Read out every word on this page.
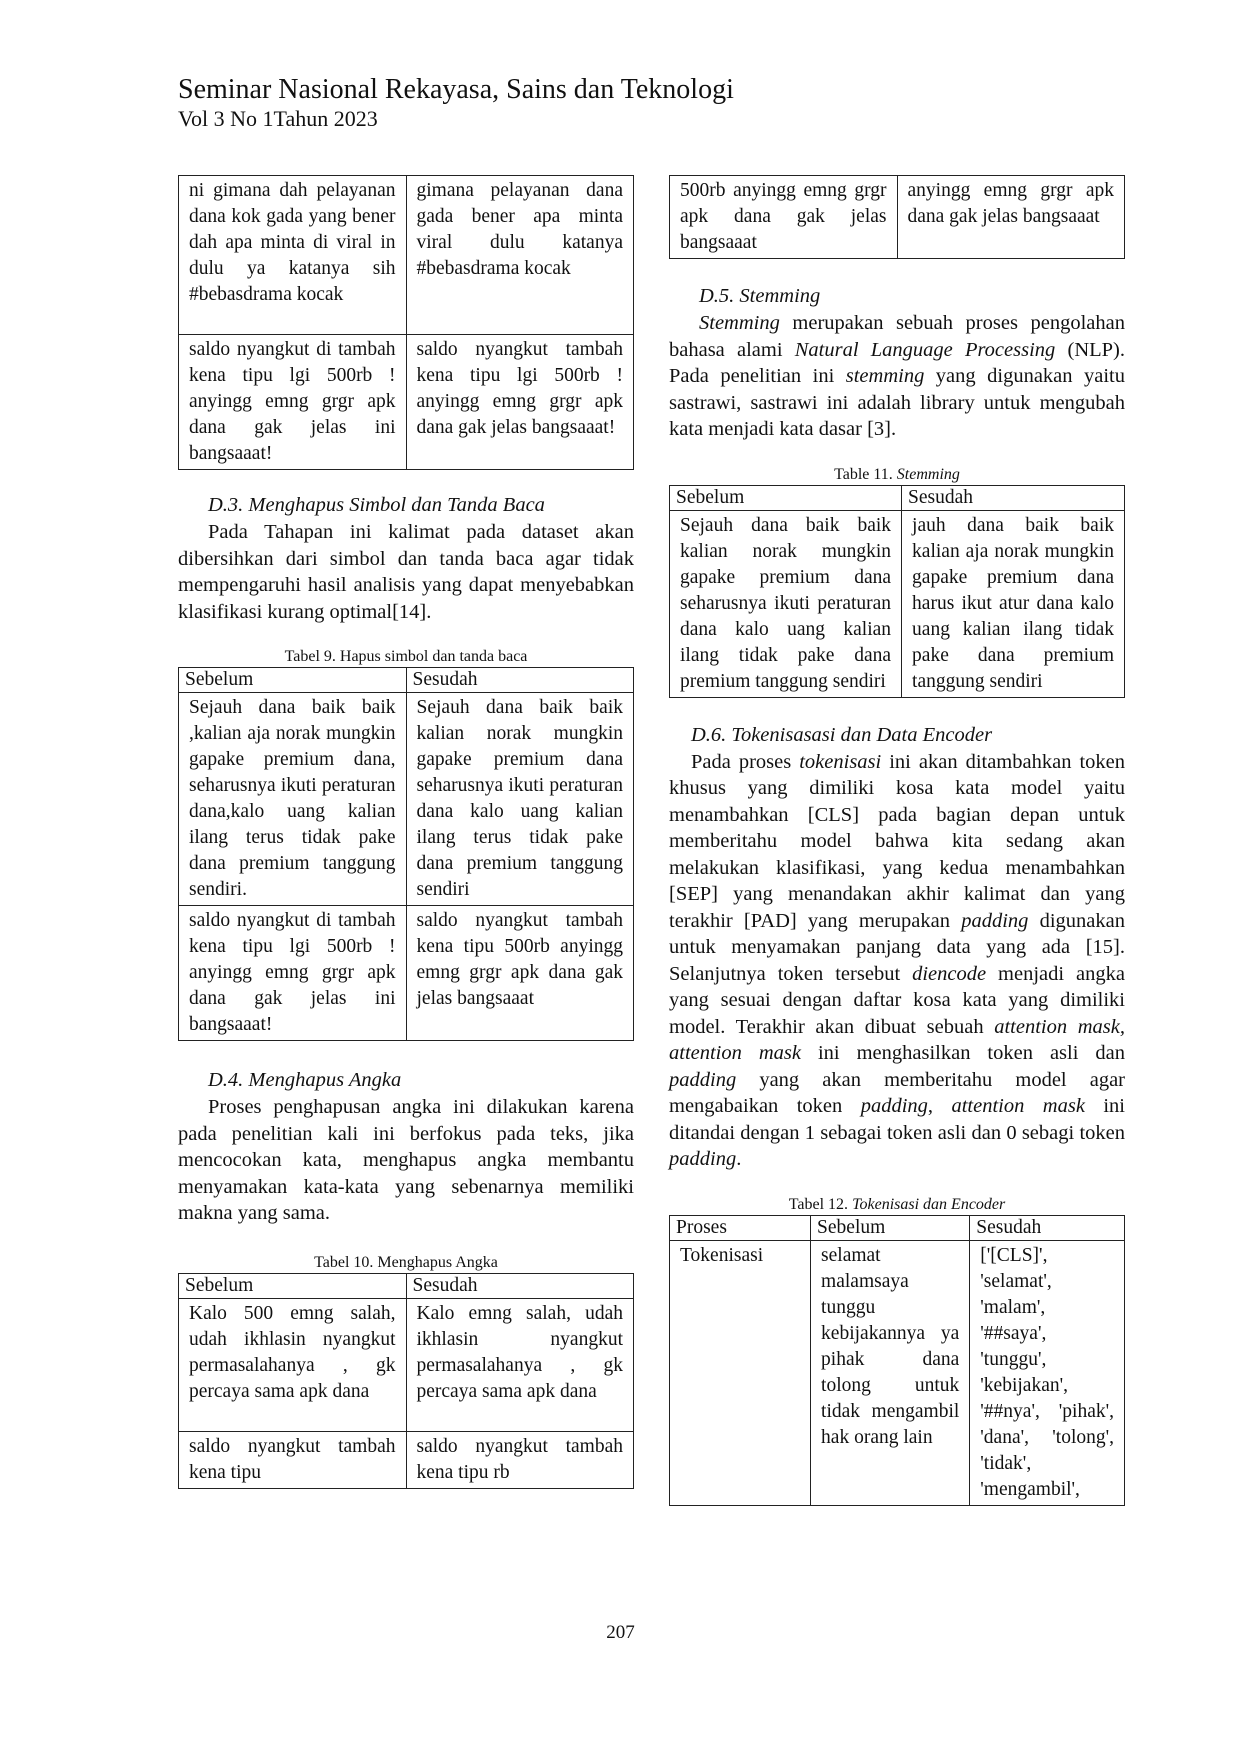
Seminar Nasional Rekayasa, Sains dan Teknologi
Vol 3 No 1Tahun 2023
ni gimana dah pelayanan dana kok gada yang bener dah apa minta di viral in dulu ya katanya sih #bebasdrama kocak	gimana pelayanan dana gada bener apa minta viral dulu katanya #bebasdrama kocak
saldo nyangkut di tambah kena tipu lgi 500rb ! anyingg emng grgr apk dana gak jelas ini bangsaaat!	saldo nyangkut tambah kena tipu lgi 500rb ! anyingg emng grgr apk dana gak jelas bangsaaat!

D.3. Menghapus Simbol dan Tanda Baca

Pada Tahapan ini kalimat pada dataset akan dibersihkan dari simbol dan tanda baca agar tidak mempengaruhi hasil analisis yang dapat menyebabkan klasifikasi kurang optimal[14].

Tabel 9. Hapus simbol dan tanda baca

Sebelum	Sesudah
Sejauh dana baik baik ,kalian aja norak mungkin gapake premium dana, seharusnya ikuti peraturan dana,kalo uang kalian ilang terus tidak pake dana premium tanggung sendiri.	Sejauh dana baik baik kalian norak mungkin gapake premium dana seharusnya ikuti peraturan dana kalo uang kalian ilang terus tidak pake dana premium tanggung sendiri
saldo nyangkut di tambah kena tipu lgi 500rb ! anyingg emng grgr apk dana gak jelas ini bangsaaat!	saldo nyangkut tambah kena tipu 500rb anyingg emng grgr apk dana gak jelas bangsaaat

D.4. Menghapus Angka

Proses penghapusan angka ini dilakukan karena pada penelitian kali ini berfokus pada teks, jika mencocokan kata, menghapus angka membantu menyamakan kata-kata yang sebenarnya memiliki makna yang sama.

Tabel 10. Menghapus Angka

Sebelum	Sesudah
Kalo 500 emng salah, udah ikhlasin nyangkut permasalahanya , gk percaya sama apk dana	Kalo emng salah, udah ikhlasin nyangkut permasalahanya , gk percaya sama apk dana
saldo nyangkut tambah kena tipu	saldo nyangkut tambah kena tipu rb
500rb anyingg emng grgr apk dana gak jelas bangsaaat	anyingg emng grgr apk dana gak jelas bangsaaat

D.5. Stemming

Stemming merupakan sebuah proses pengolahan bahasa alami Natural Language Processing (NLP). Pada penelitian ini stemming yang digunakan yaitu sastrawi, sastrawi ini adalah library untuk mengubah kata menjadi kata dasar [3].

Table 11. Stemming

Sebelum	Sesudah
Sejauh dana baik baik kalian norak mungkin gapake premium dana seharusnya ikuti peraturan dana kalo uang kalian ilang tidak pake dana premium tanggung sendiri	jauh dana baik baik kalian aja norak mungkin gapake premium dana harus ikut atur dana kalo uang kalian ilang tidak pake dana premium tanggung sendiri

D.6. Tokenisasasi dan Data Encoder

Pada proses tokenisasi ini akan ditambahkan token khusus yang dimiliki kosa kata model yaitu menambahkan [CLS] pada bagian depan untuk memberitahu model bahwa kita sedang akan melakukan klasifikasi, yang kedua menambahkan [SEP] yang menandakan akhir kalimat dan yang terakhir [PAD] yang merupakan padding digunakan untuk menyamakan panjang data yang ada [15]. Selanjutnya token tersebut diencode menjadi angka yang sesuai dengan daftar kosa kata yang dimiliki model. Terakhir akan dibuat sebuah attention mask, attention mask ini menghasilkan token asli dan padding yang akan memberitahu model agar mengabaikan token padding, attention mask ini ditandai dengan 1 sebagai token asli dan 0 sebagi token padding.

Tabel 12. Tokenisasi dan Encoder

Proses	Sebelum	Sesudah
Tokenisasi	selamat malamsaya tunggu kebijakannya ya pihak dana tolong untuk tidak mengambil hak orang lain	['[CLS]', 'selamat', 'malam', '##saya', 'tunggu', 'kebijakan', '##nya', 'pihak', 'dana', 'tolong', 'tidak', 'mengambil',
207
